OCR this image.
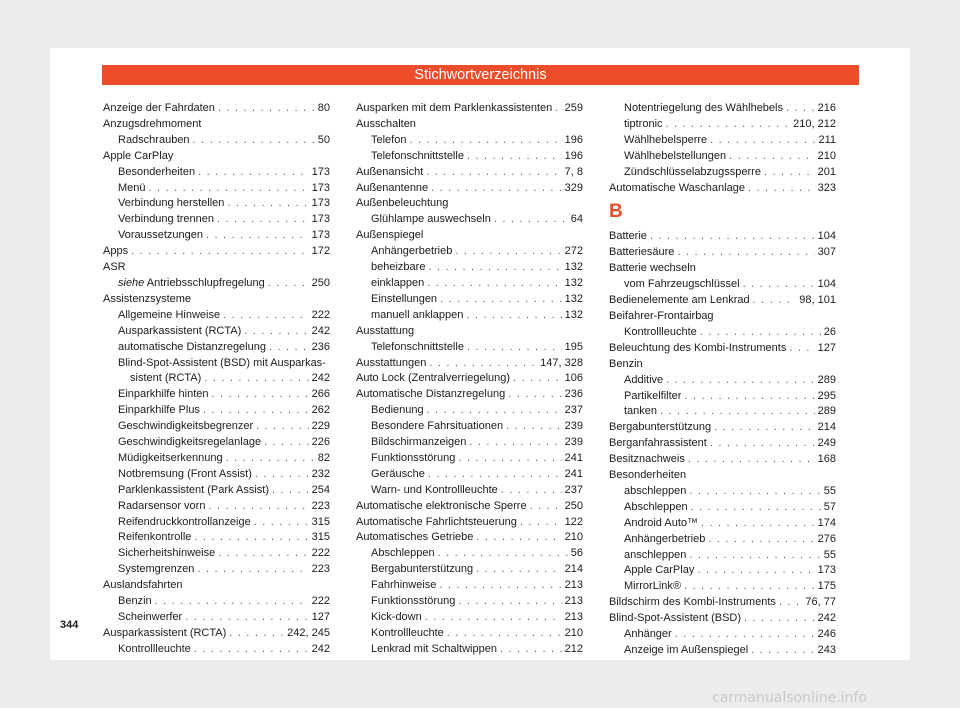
Stichwortverzeichnis
Anzeige der Fahrdaten . . .	80
Anzugsdrehmoment
Radschrauben . . .	50
Apple CarPlay
Besonderheiten . . .	173
Menü . . .	173
Verbindung herstellen . . .	173
Verbindung trennen . . .	173
Voraussetzungen . . .	173
Apps . . .	172
ASR
siehe Antriebsschlupfregelung . . .	250
Assistenzsysteme
Allgemeine Hinweise . . .	222
Ausparkassistent (RCTA) . . .	242
automatische Distanzregelung . . .	236
Blind-Spot-Assistent (BSD) mit Ausparkas-
sistent (RCTA) . . .	242
Einparkhilfe hinten . . .	266
Einparkhilfe Plus . . .	262
Geschwindigkeitsbegrenzer . . .	229
Geschwindigkeitsregelanlage . . .	226
Müdigkeitserkennung . . .	82
Notbremsung (Front Assist) . . .	232
Parklenkassistent (Park Assist) . . .	254
Radarsensor vorn . . .	223
Reifendruckkontrollanzeige . . .	315
Reifenkontrolle . . .	315
Sicherheitshinweise . . .	222
Systemgrenzen . . .	223
Auslandsfahrten
Benzin . . .	222
Scheinwerfer . . .	127
Ausparkassistent (RCTA) . . .	242, 245
Kontrollleuchte . . .	242
Ausparken mit dem Parklenkassistenten . . . 259
Ausschalten
Telefon . . .	196
Telefonschnittstelle . . .	196
Außenansicht . . .	7, 8
Außenantenne . . .	329
Außenbeleuchtung
Glühlampe auswechseln . . .	64
Außenspiegel
Anhängerbetrieb . . .	272
beheizbare . . .	132
einklappen . . .	132
Einstellungen . . .	132
manuell anklappen . . .	132
Ausstattung
Telefonschnittstelle . . .	195
Ausstattungen . . .	147, 328
Auto Lock (Zentralverriegelung) . . .	106
Automatische Distanzregelung . . .	236
Bedienung . . .	237
Besondere Fahrsituationen . . .	239
Bildschirmanzeigen . . .	239
Funktionsstörung . . .	241
Geräusche . . .	241
Warn- und Kontrollleuchte . . .	237
Automatische elektronische Sperre . . .	250
Automatische Fahrlichtsteuerung . . .	122
Automatisches Getriebe . . .	210
Abschleppen . . .	56
Bergabunterstützung . . .	214
Fahrhinweise . . .	213
Funktionsstörung . . .	213
Kick-down . . .	213
Kontrollleuchte . . .	210
Lenkrad mit Schaltwippen . . .	212
Notentriegelung des Wählhebels . . .	216
tiptronic . . .	210, 212
Wählhebelsperre . . .	211
Wählhebelstellungen . . .	210
Zündschlüsselabzugssperre . . .	201
Automatische Waschanlage . . .	323
B
Batterie . . .	104
Batteriesäure . . .	307
Batterie wechseln
vom Fahrzeugschlüssel . . .	104
Bedienelemente am Lenkrad . . .	98, 101
Beifahrer-Frontairbag
Kontrollleuchte . . .	26
Beleuchtung des Kombi-Instruments . . .	127
Benzin
Additive . . .	289
Partikelfilter . . .	295
tanken . . .	289
Bergabunterstützung . . .	214
Berganfahrassistent . . .	249
Besitznachweis . . .	168
Besonderheiten
abschleppen . . .	55
Abschleppen . . .	57
Android Auto™ . . .	174
Anhängerbetrieb . . .	276
anschleppen . . .	55
Apple CarPlay . . .	173
MirrorLink® . . .	175
Bildschirm des Kombi-Instruments . . .	76, 77
Blind-Spot-Assistent (BSD) . . .	242
Anhänger . . .	246
Anzeige im Außenspiegel . . .	243
344
carmanualsonline.info
